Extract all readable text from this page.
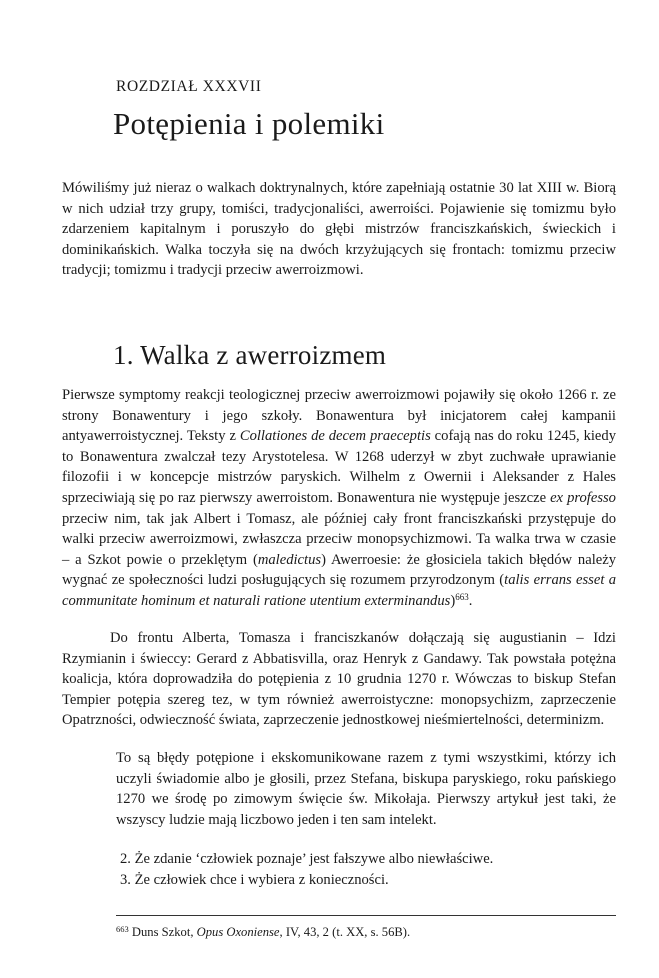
ROZDZIAŁ XXXVII
Potępienia i polemiki

Mówiliśmy już nieraz o walkach doktrynalnych, które zapełniają ostatnie 30 lat XIII w. Biorą w nich udział trzy grupy, tomiści, tradycjonaliści, awerroiści. Pojawienie się tomizmu było zdarzeniem kapitalnym i poruszyło do głębi mistrzów franciszkańskich, świeckich i dominikańskich. Walka toczyła się na dwóch krzyżujących się frontach: tomizmu przeciw tradycji; tomizmu i tradycji przeciw awerroizmowi.

1. Walka z awerroizmem

Pierwsze symptomy reakcji teologicznej przeciw awerroizmowi pojawiły się około 1266 r. ze strony Bonawentury i jego szkoły. Bonawentura był inicjatorem całej kampanii antyawerroistycznej. Teksty z Collationes de decem praeceptis cofają nas do roku 1245, kiedy to Bonawentura zwalczał tezy Arystotelesa. W 1268 uderzył w zbyt zuchwałe uprawianie filozofii i w koncepcje mistrzów paryskich. Wilhelm z Owernii i Aleksander z Hales sprzeciwiają się po raz pierwszy awerroistom. Bonawentura nie występuje jeszcze ex professo przeciw nim, tak jak Albert i Tomasz, ale później cały front franciszkański przystępuje do walki przeciw awerroizmowi, zwłaszcza przeciw monopsychizmowi. Ta walka trwa w czasie – a Szkot powie o przeklętym (maledictus) Awerroesie: że głosiciela takich błędów należy wygnać ze społeczności ludzi posługujących się rozumem przyrodzonym (talis errans esset a communitate hominum et naturali ratione utentium exterminandus)$^{663}$.

Do frontu Alberta, Tomasza i franciszkanów dołączają się augustianin – Idzi Rzymianin i świeccy: Gerard z Abbatisvilla, oraz Henryk z Gandawy. Tak powstała potężna koalicja, która doprowadziła do potępienia z 10 grudnia 1270 r. Wówczas to biskup Stefan Tempier potępia szereg tez, w tym również awerroistyczne: monopsychizm, zaprzeczenie Opatrzności, odwieczność świata, zaprzeczenie jednostkowej nieśmiertelności, determinizm.

To są błędy potępione i ekskomunikowane razem z tymi wszystkimi, którzy ich uczyli świadomie albo je głosili, przez Stefana, biskupa paryskiego, roku pańskiego 1270 we środę po zimowym święcie św. Mikołaja. Pierwszy artykuł jest taki, że wszyscy ludzie mają liczbowo jeden i ten sam intelekt.

2. Że zdanie ‘człowiek poznaje’ jest fałszywe albo niewłaściwe.
3. Że człowiek chce i wybiera z konieczności.
$^{663}$ Duns Szkot, Opus Oxoniense, IV, 43, 2 (t. XX, s. 56B).
